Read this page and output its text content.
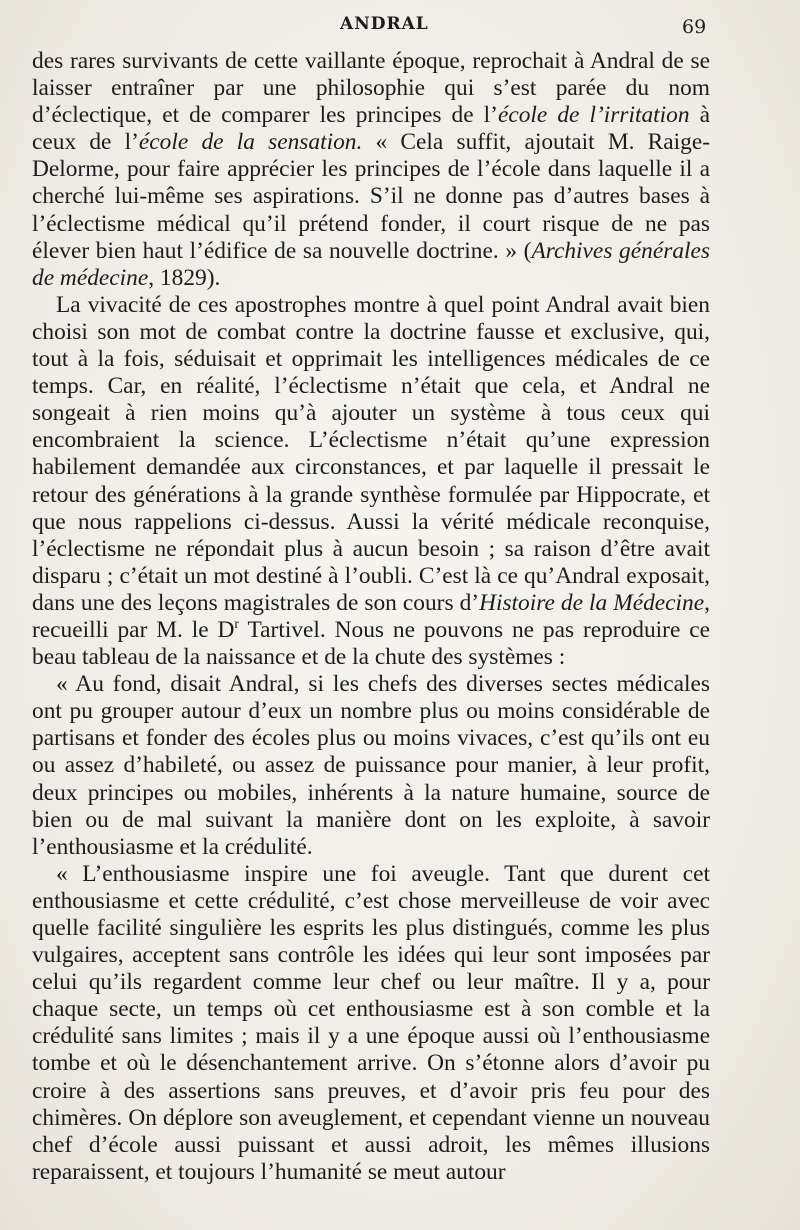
ANDRAL	69

des rares survivants de cette vaillante époque, reprochait à Andral de se laisser entraîner par une philosophie qui s’est parée du nom d’éclectique, et de comparer les principes de l’école de l’irritation à ceux de l’école de la sensation. « Cela suffit, ajoutait M. Raige-Delorme, pour faire apprécier les principes de l’école dans laquelle il a cherché lui-même ses aspirations. S’il ne donne pas d’autres bases à l’éclectisme médical qu’il prétend fonder, il court risque de ne pas élever bien haut l’édifice de sa nouvelle doctrine. » (Archives générales de médecine, 1829).

La vivacité de ces apostrophes montre à quel point Andral avait bien choisi son mot de combat contre la doctrine fausse et exclusive, qui, tout à la fois, séduisait et opprimait les intelligences médicales de ce temps. Car, en réalité, l’éclectisme n’était que cela, et Andral ne songeait à rien moins qu’à ajouter un système à tous ceux qui encombraient la science. L’éclectisme n’était qu’une expression habilement demandée aux circonstances, et par laquelle il pressait le retour des générations à la grande synthèse formulée par Hippocrate, et que nous rappelions ci-dessus. Aussi la vérité médicale reconquise, l’éclectisme ne répondait plus à aucun besoin ; sa raison d’être avait disparu ; c’était un mot destiné à l’oubli. C’est là ce qu’Andral exposait, dans une des leçons magistrales de son cours d’Histoire de la Médecine, recueilli par M. le $D^r$ Tartivel. Nous ne pouvons ne pas reproduire ce beau tableau de la naissance et de la chute des systèmes :

« Au fond, disait Andral, si les chefs des diverses sectes médicales ont pu grouper autour d’eux un nombre plus ou moins considérable de partisans et fonder des écoles plus ou moins vivaces, c’est qu’ils ont eu ou assez d’habileté, ou assez de puissance pour manier, à leur profit, deux principes ou mobiles, inhérents à la nature humaine, source de bien ou de mal suivant la manière dont on les exploite, à savoir l’enthousiasme et la crédulité.

« L’enthousiasme inspire une foi aveugle. Tant que durent cet enthousiasme et cette crédulité, c’est chose merveilleuse de voir avec quelle facilité singulière les esprits les plus distingués, comme les plus vulgaires, acceptent sans contrôle les idées qui leur sont imposées par celui qu’ils regardent comme leur chef ou leur maître. Il y a, pour chaque secte, un temps où cet enthousiasme est à son comble et la crédulité sans limites ; mais il y a une époque aussi où l’enthousiasme tombe et où le désenchantement arrive. On s’étonne alors d’avoir pu croire à des assertions sans preuves, et d’avoir pris feu pour des chimères. On déplore son aveuglement, et cependant vienne un nouveau chef d’école aussi puissant et aussi adroit, les mêmes illusions reparaissent, et toujours l’humanité se meut autour
